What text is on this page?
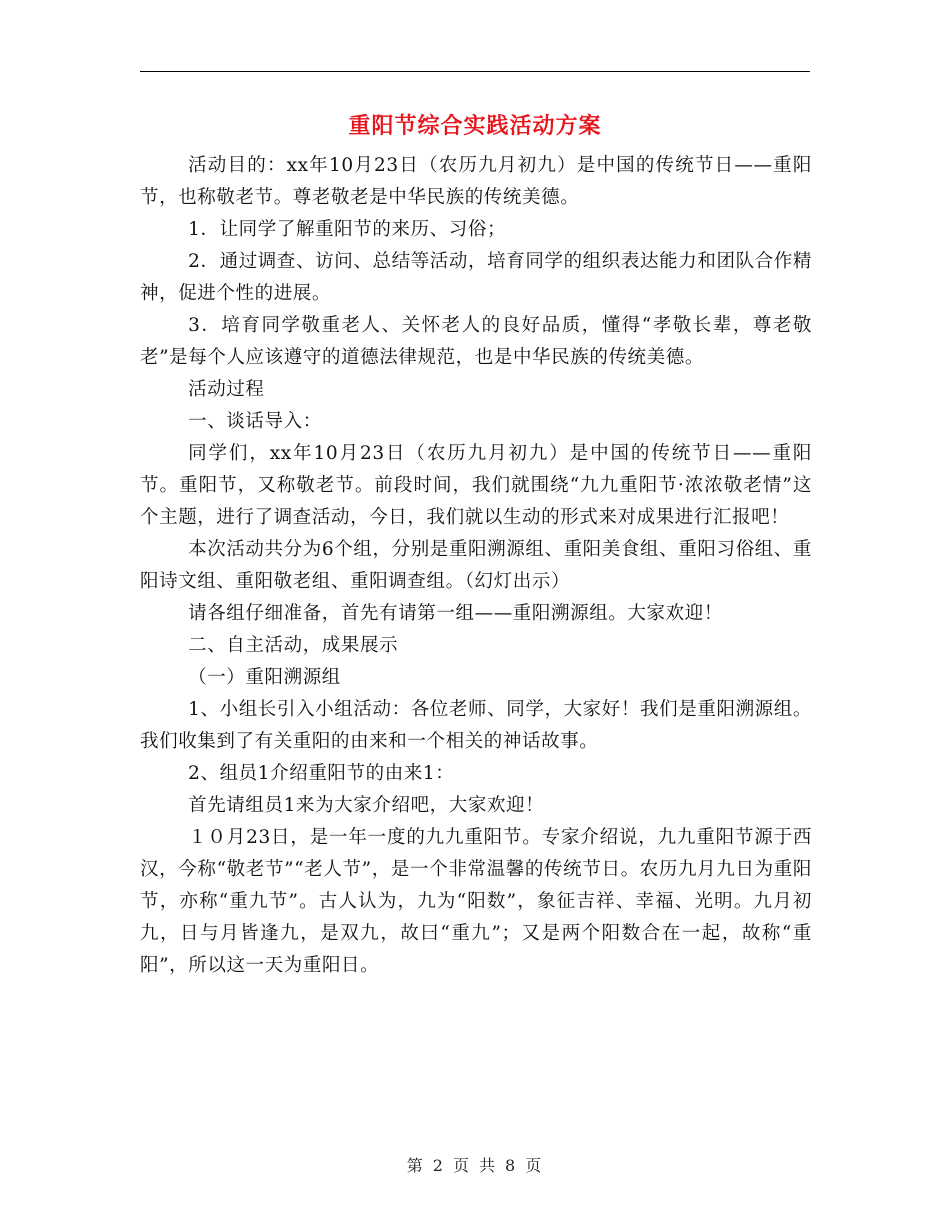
重阳节综合实践活动方案

活动目的：xx年10月23日（农历九月初九）是中国的传统节日——重阳节，也称敬老节。尊老敬老是中华民族的传统美德。

1．让同学了解重阳节的来历、习俗；

2．通过调查、访问、总结等活动，培育同学的组织表达能力和团队合作精神，促进个性的进展。

3．培育同学敬重老人、关怀老人的良好品质，懂得“孝敬长辈，尊老敬老”是每个人应该遵守的道德法律规范，也是中华民族的传统美德。

活动过程

一、谈话导入：

同学们，xx年10月23日（农历九月初九）是中国的传统节日——重阳节。重阳节，又称敬老节。前段时间，我们就围绕“九九重阳节·浓浓敬老情”这个主题，进行了调查活动，今日，我们就以生动的形式来对成果进行汇报吧！

本次活动共分为6个组，分别是重阳溯源组、重阳美食组、重阳习俗组、重阳诗文组、重阳敬老组、重阳调查组。（幻灯出示）

请各组仔细准备，首先有请第一组——重阳溯源组。大家欢迎！

二、自主活动，成果展示

（一）重阳溯源组

1、小组长引入小组活动：各位老师、同学，大家好！我们是重阳溯源组。我们收集到了有关重阳的由来和一个相关的神话故事。

2、组员1介绍重阳节的由来1：

首先请组员1来为大家介绍吧，大家欢迎！

１０月23日，是一年一度的九九重阳节。专家介绍说，九九重阳节源于西汉，今称“敬老节”“老人节”，是一个非常温馨的传统节日。农历九月九日为重阳节，亦称“重九节”。古人认为，九为“阳数”，象征吉祥、幸福、光明。九月初九，日与月皆逢九，是双九，故曰“重九”；又是两个阳数合在一起，故称“重阳”，所以这一天为重阳日。

第 2 页 共 8 页
